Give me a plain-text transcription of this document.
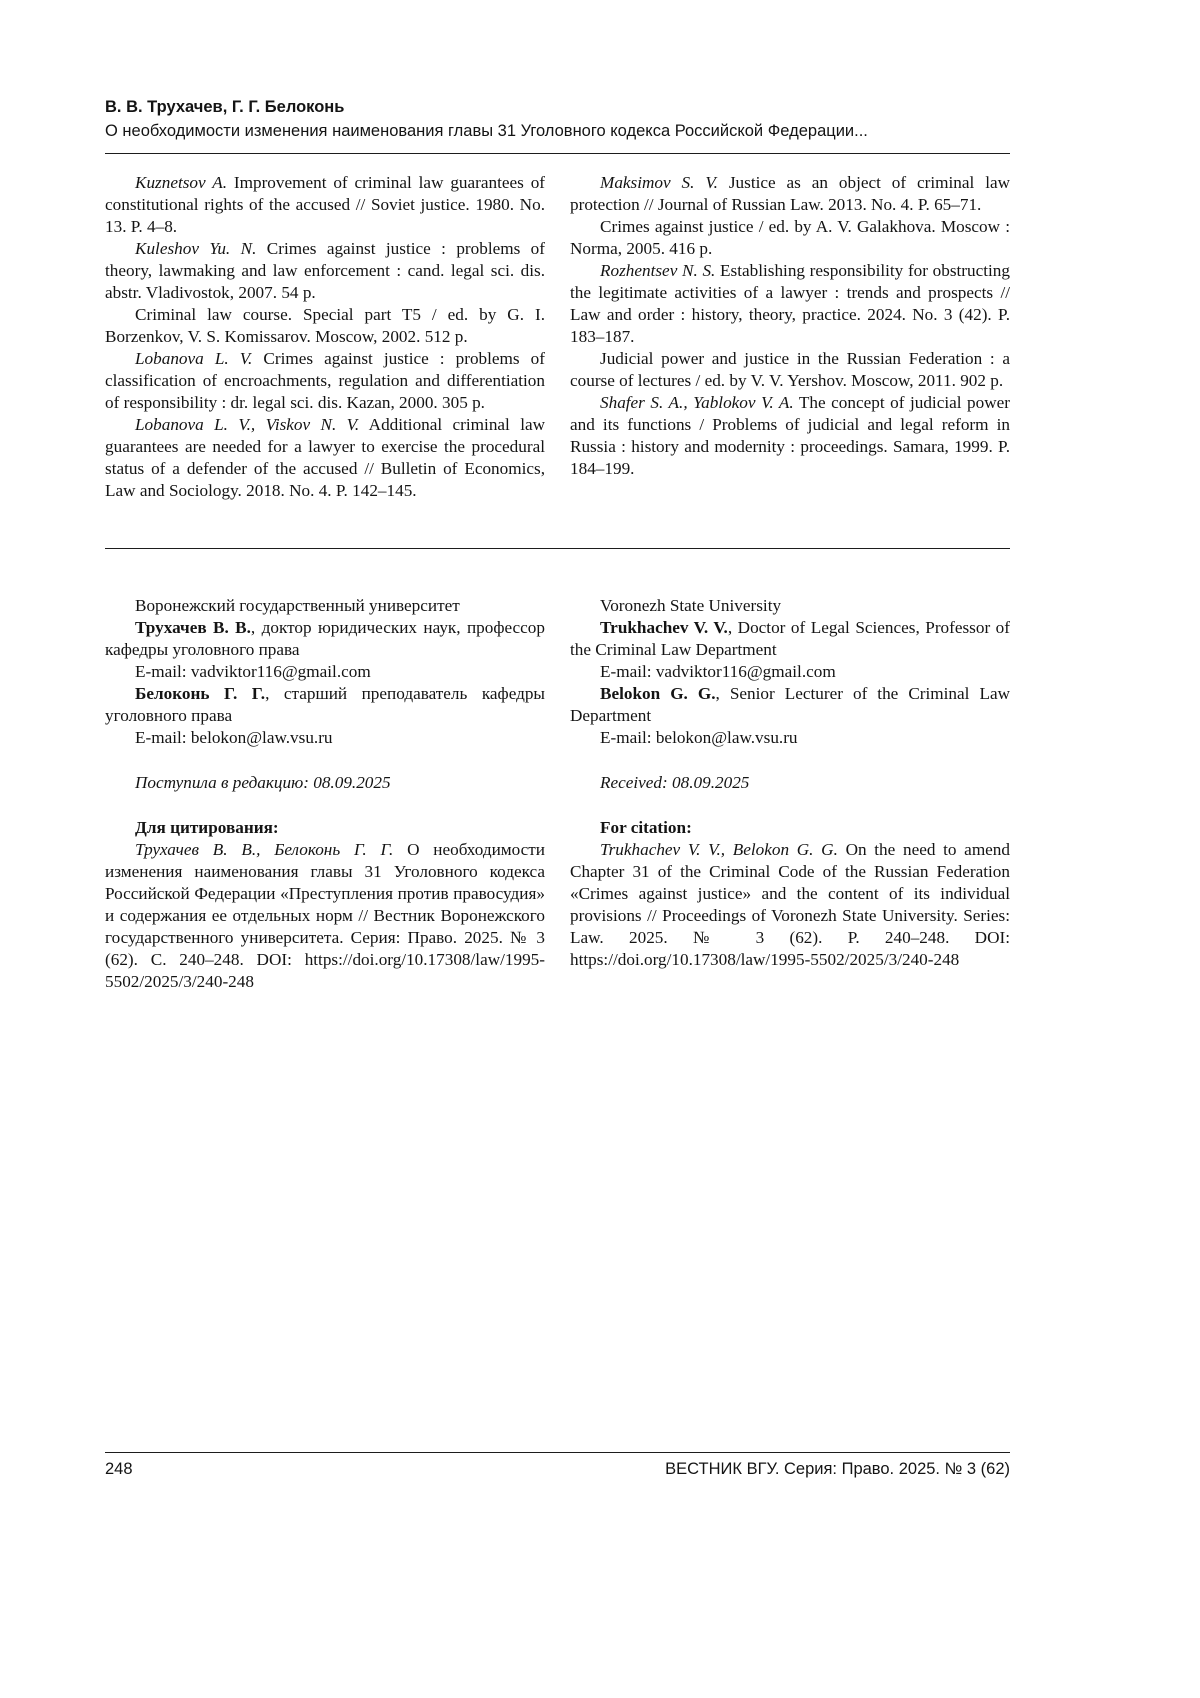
В. В. Трухачев, Г. Г. Белоконь
О необходимости изменения наименования главы 31 Уголовного кодекса Российской Федерации...

Kuznetsov A. Improvement of criminal law guarantees of constitutional rights of the accused // Soviet justice. 1980. No. 13. P. 4–8.

Kuleshov Yu. N. Crimes against justice : problems of theory, lawmaking and law enforcement : cand. legal sci. dis. abstr. Vladivostok, 2007. 54 p.

Criminal law course. Special part T5 / ed. by G. I. Borzenkov, V. S. Komissarov. Moscow, 2002. 512 p.

Lobanova L. V. Crimes against justice : problems of classification of encroachments, regulation and differentiation of responsibility : dr. legal sci. dis. Kazan, 2000. 305 p.

Lobanova L. V., Viskov N. V. Additional criminal law guarantees are needed for a lawyer to exercise the procedural status of a defender of the accused // Bulletin of Economics, Law and Sociology. 2018. No. 4. P. 142–145.

Maksimov S. V. Justice as an object of criminal law protection // Journal of Russian Law. 2013. No. 4. P. 65–71.

Crimes against justice / ed. by A. V. Galakhova. Moscow : Norma, 2005. 416 p.

Rozhentsev N. S. Establishing responsibility for obstructing the legitimate activities of a lawyer : trends and prospects // Law and order : history, theory, practice. 2024. No. 3 (42). P. 183–187.

Judicial power and justice in the Russian Federation : a course of lectures / ed. by V. V. Yershov. Moscow, 2011. 902 p.

Shafer S. A., Yablokov V. A. The concept of judicial power and its functions / Problems of judicial and legal reform in Russia : history and modernity : proceedings. Samara, 1999. P. 184–199.

Воронежский государственный университет

Трухачев В. В., доктор юридических наук, профессор кафедры уголовного права

E-mail: vadviktor116@gmail.com

Белоконь Г. Г., старший преподаватель кафедры уголовного права

E-mail: belokon@law.vsu.ru

Поступила в редакцию: 08.09.2025

Для цитирования:

Трухачев В. В., Белоконь Г. Г. О необходимости изменения наименования главы 31 Уголовного кодекса Российской Федерации «Преступления против правосудия» и содержания ее отдельных норм // Вестник Воронежского государственного университета. Серия: Право. 2025. № 3 (62). С. 240–248. DOI: https://doi.org/10.17308/law/1995-5502/2025/3/240-248

Voronezh State University

Trukhachev V. V., Doctor of Legal Sciences, Professor of the Criminal Law Department

E-mail: vadviktor116@gmail.com

Belokon G. G., Senior Lecturer of the Criminal Law Department

E-mail: belokon@law.vsu.ru

Received: 08.09.2025

For citation:

Trukhachev V. V., Belokon G. G. On the need to amend Chapter 31 of the Criminal Code of the Russian Federation «Crimes against justice» and the content of its individual provisions // Proceedings of Voronezh State University. Series: Law. 2025. № 3 (62). P. 240–248. DOI: https://doi.org/10.17308/law/1995-5502/2025/3/240-248

248	ВЕСТНИК ВГУ. Серия: Право. 2025. № 3 (62)
